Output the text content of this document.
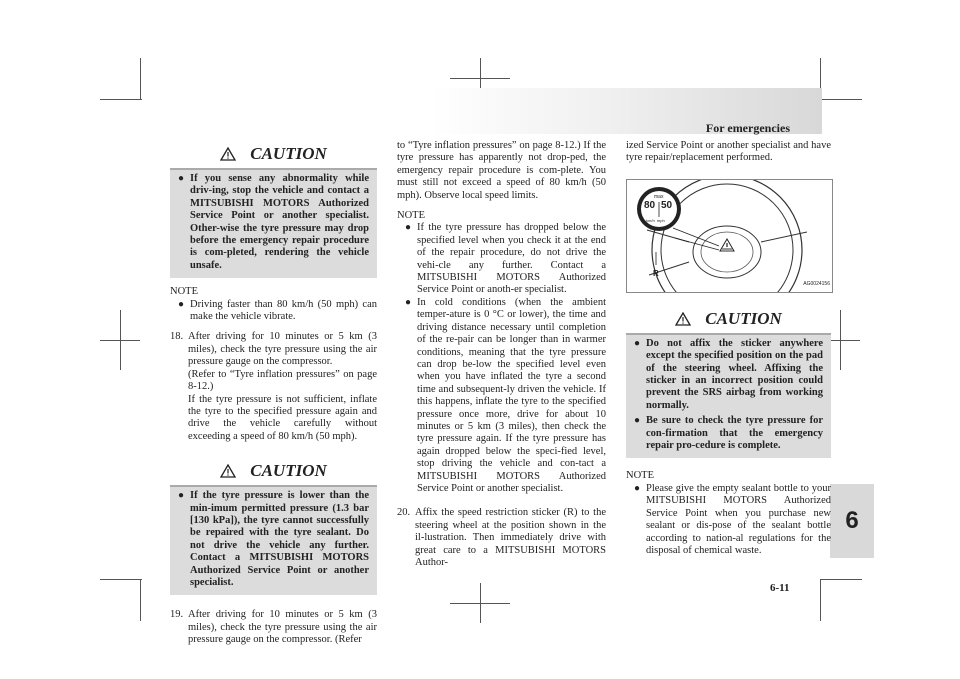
For emergencies
6
6-11
CAUTION
● If you sense any abnormality while driv-ing, stop the vehicle and contact a MITSUBISHI MOTORS Authorized Service Point or another specialist. Other-wise the tyre pressure may drop before the emergency repair procedure is com-pleted, rendering the vehicle unsafe.
NOTE
● Driving faster than 80 km/h (50 mph) can make the vehicle vibrate.
18. After driving for 10 minutes or 5 km (3 miles), check the tyre pressure using the air pressure gauge on the compressor.
(Refer to “Tyre inflation pressures” on page 8-12.)
If the tyre pressure is not sufficient, inflate the tyre to the specified pressure again and drive the vehicle carefully without exceeding a speed of 80 km/h (50 mph).
CAUTION
● If the tyre pressure is lower than the min-imum permitted pressure (1.3 bar [130 kPa]), the tyre cannot successfully be repaired with the tyre sealant. Do not drive the vehicle any further. Contact a MITSUBISHI MOTORS Authorized Service Point or another specialist.
19. After driving for 10 minutes or 5 km (3 miles), check the tyre pressure using the air pressure gauge on the compressor. (Refer
to “Tyre inflation pressures” on page 8-12.) If the tyre pressure has apparently not drop-ped, the emergency repair procedure is com-plete. You must still not exceed a speed of 80 km/h (50 mph). Observe local speed limits.
NOTE
● If the tyre pressure has dropped below the specified level when you check it at the end of the repair procedure, do not drive the vehi-cle any further. Contact a MITSUBISHI MOTORS Authorized Service Point or anoth-er specialist.
● In cold conditions (when the ambient temper-ature is 0 °C or lower), the time and driving distance necessary until completion of the re-pair can be longer than in warmer conditions, meaning that the tyre pressure can drop be-low the specified level even when you have inflated the tyre a second time and subsequent-ly driven the vehicle. If this happens, inflate the tyre to the specified pressure once more, drive for about 10 minutes or 5 km (3 miles), then check the tyre pressure again. If the tyre pressure has again dropped below the speci-fied level, stop driving the vehicle and con-tact a MITSUBISHI MOTORS Authorized Service Point or another specialist.
20. Affix the speed restriction sticker (R) to the steering wheel at the position shown in the il-lustration. Then immediately drive with great care to a MITSUBISHI MOTORS Author-
ized Service Point or another specialist and have tyre repair/replacement performed.
max
80 50
km/h  mph
R
AG0024156
CAUTION
● Do not affix the sticker anywhere except the specified position on the pad of the steering wheel. Affixing the sticker in an incorrect position could prevent the SRS airbag from working normally.
● Be sure to check the tyre pressure for con-firmation that the emergency repair pro-cedure is complete.
NOTE
● Please give the empty sealant bottle to your MITSUBISHI MOTORS Authorized Service Point when you purchase new sealant or dis-pose of the sealant bottle according to nation-al regulations for the disposal of chemical waste.
